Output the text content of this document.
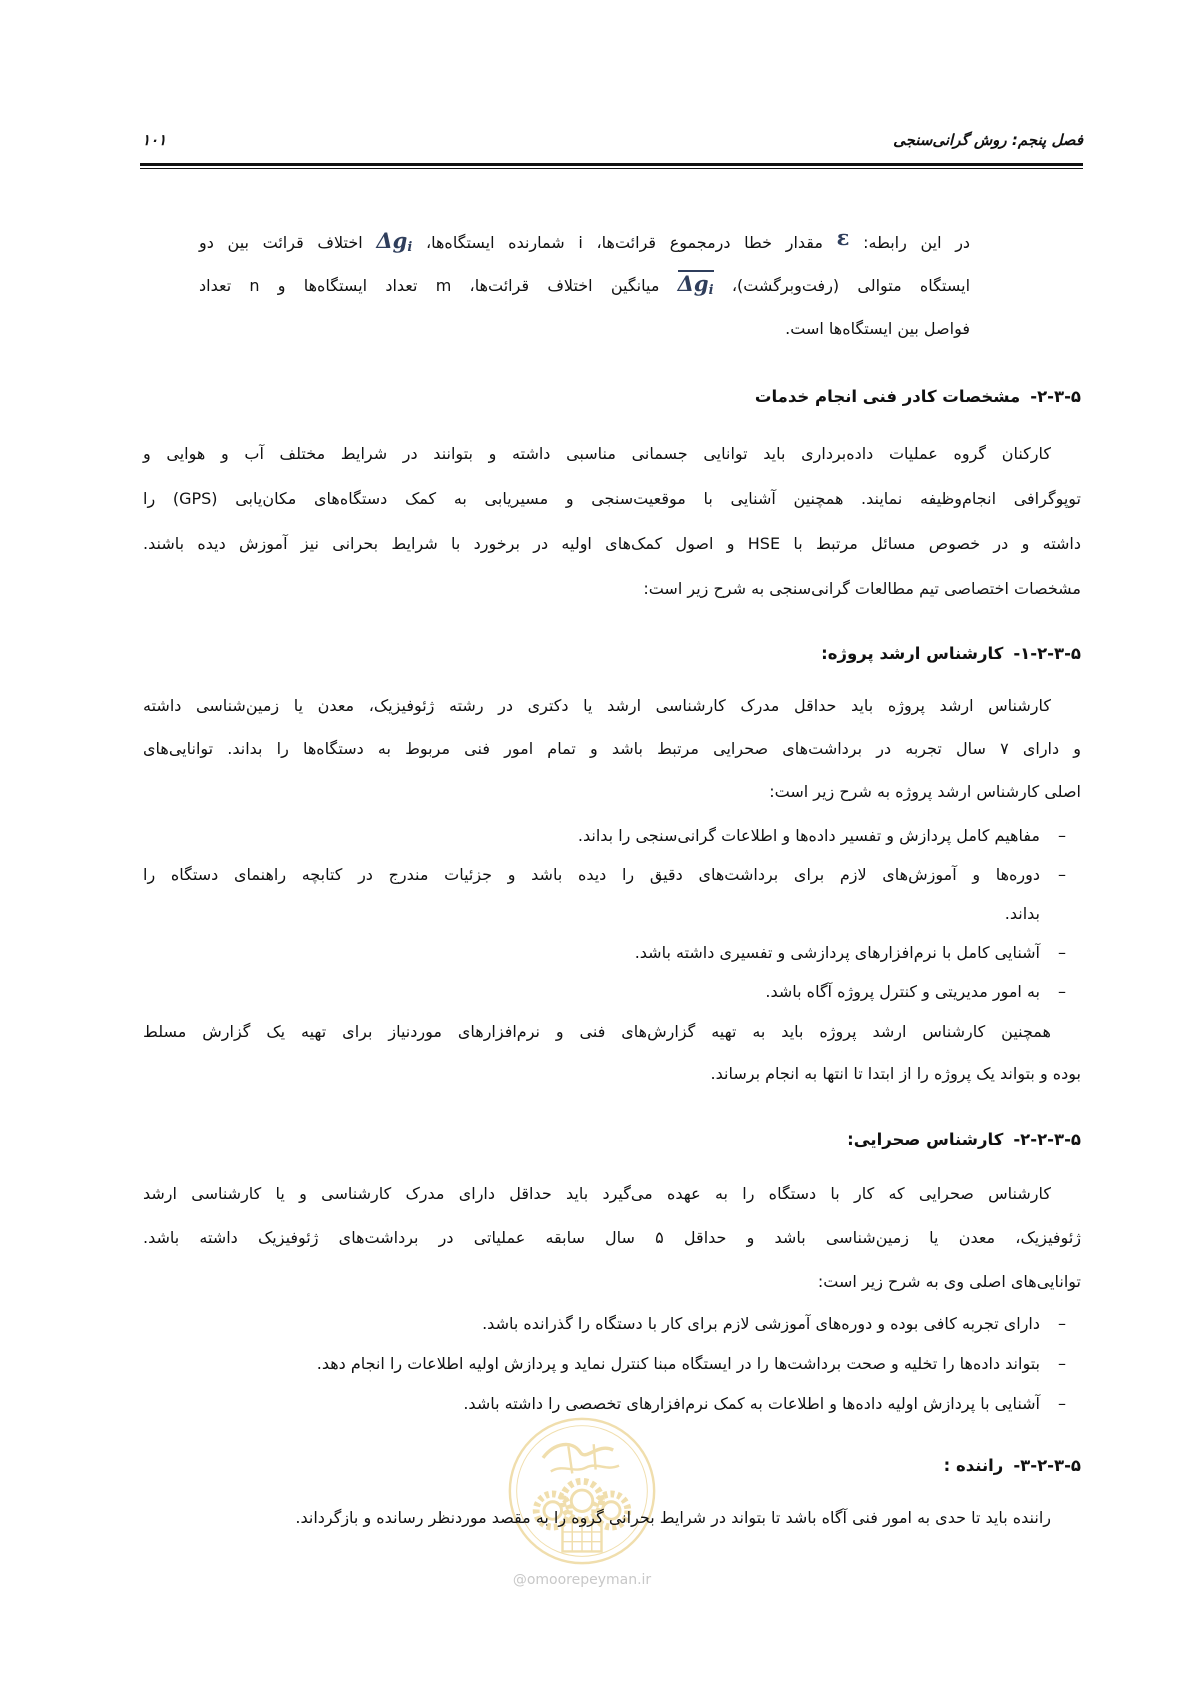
@omoorepeyman.ir
فصل پنجم: روش گرانی‌سنجی
۱۰۱
در این رابطه: ε مقدار خطا درمجموع قرائت‌ها، i شمارنده ایستگاه‌ها، $\Delta g_i$ اختلاف قرائت بین دو
ایستگاه متوالی (رفت‌وبرگشت)، $\Delta g_i$ میانگین اختلاف قرائت‌ها، m تعداد ایستگاه‌ها و n تعداد
فواصل بین ایستگاه‌ها است.
۵-۳-۲-مشخصات کادر فنی انجام خدمات
کارکنان گروه عملیات داده‌برداری باید توانایی جسمانی مناسبی داشته و بتوانند در شرایط مختلف آب و هوایی و
توپوگرافی انجام‌وظیفه نمایند. همچنین آشنایی با موقعیت‌سنجی و مسیریابی به کمک دستگاه‌های مکان‌یابی (GPS) را
داشته و در خصوص مسائل مرتبط با HSE و اصول کمک‌های اولیه در برخورد با شرایط بحرانی نیز آموزش دیده باشند.
مشخصات اختصاصی تیم مطالعات گرانی‌سنجی به شرح زیر است:
۵-۳-۲-۱-کارشناس ارشد پروژه:
کارشناس ارشد پروژه باید حداقل مدرک کارشناسی ارشد یا دکتری در رشته ژئوفیزیک، معدن یا زمین‌شناسی داشته
و دارای ۷ سال تجربه در برداشت‌های صحرایی مرتبط باشد و تمام امور فنی مربوط به دستگاه‌ها را بداند. توانایی‌های
اصلی کارشناس ارشد پروژه به شرح زیر است:
–
مفاهیم کامل پردازش و تفسیر داده‌ها و اطلاعات گرانی‌سنجی را بداند.
–
دوره‌ها و آموزش‌های لازم برای برداشت‌های دقیق را دیده باشد و جزئیات مندرج در کتابچه راهنمای دستگاه را
بداند.
–
آشنایی کامل با نرم‌افزارهای پردازشی و تفسیری داشته باشد.
–
به امور مدیریتی و کنترل پروژه آگاه باشد.
همچنین کارشناس ارشد پروژه باید به تهیه گزارش‌های فنی و نرم‌افزارهای موردنیاز برای تهیه یک گزارش مسلط
بوده و بتواند یک پروژه را از ابتدا تا انتها به انجام برساند.
۵-۳-۲-۲-کارشناس صحرایی:
کارشناس صحرایی که کار با دستگاه را به عهده می‌گیرد باید حداقل دارای مدرک کارشناسی و یا کارشناسی ارشد
ژئوفیزیک، معدن یا زمین‌شناسی باشد و حداقل ۵ سال سابقه عملیاتی در برداشت‌های ژئوفیزیک داشته باشد.
توانایی‌های اصلی وی به شرح زیر است:
–
دارای تجربه کافی بوده و دوره‌های آموزشی لازم برای کار با دستگاه را گذرانده باشد.
–
بتواند داده‌ها را تخلیه و صحت برداشت‌ها را در ایستگاه مبنا کنترل نماید و پردازش اولیه اطلاعات را انجام دهد.
–
آشنایی با پردازش اولیه داده‌ها و اطلاعات به کمک نرم‌افزارهای تخصصی را داشته باشد.
۵-۳-۲-۳-راننده :
راننده باید تا حدی به امور فنی آگاه باشد تا بتواند در شرایط بحرانی گروه را به مقصد موردنظر رسانده و بازگرداند.
